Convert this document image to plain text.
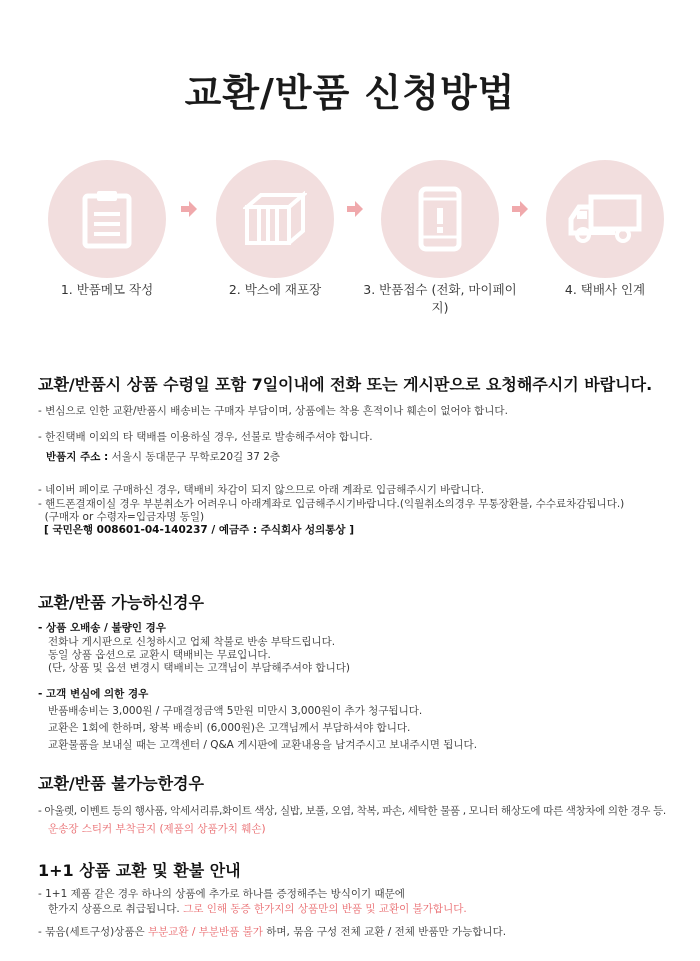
교환/반품 신청방법
1. 반품메모 작성	2. 박스에 재포장	3. 반품접수 (전화, 마이페이지)
4. 택배사 인계
교환/반품시 상품 수령일 포함 7일이내에 전화 또는 게시판으로 요청해주시기 바랍니다.
- 변심으로 인한 교환/반품시 배송비는 구매자 부담이며, 상품에는 착용 흔적이나 훼손이 없어야 합니다.
- 한진택배 이외의 타 택배를 이용하실 경우, 선불로 발송해주셔야 합니다.
반품지 주소 : 서울시 동대문구 무학로20길 37 2층
- 네이버 페이로 구매하신 경우, 택배비 차감이 되지 않으므로 아래 계좌로 입금해주시기 바랍니다.
- 핸드폰결재이실 경우 부분취소가 어려우니 아래계좌로 입금해주시기바랍니다.(익월취소의경우 무통장환불, 수수료차감됩니다.)
(구매자 or 수령자=입금자명 동일)
[ 국민은행 008601-04-140237 / 예금주 : 주식회사 성의통상 ]
교환/반품 가능하신경우
- 상품 오배송 / 불량인 경우
전화나 게시판으로 신청하시고 업체 착불로 반송 부탁드립니다.
동일 상품 옵션으로 교환시 택배비는 무료입니다.
(단, 상품 및 옵션 변경시 택배비는 고객님이 부담해주셔야 합니다)
- 고객 변심에 의한 경우
반품배송비는 3,000원 / 구매결정금액 5만원 미만시 3,000원이 추가 청구됩니다.
교환은 1회에 한하며, 왕복 배송비 (6,000원)은 고객님께서 부담하셔야 합니다.
교환물품을 보내실 때는 고객센터 / Q&A 게시판에 교환내용을 남겨주시고 보내주시면 됩니다.
교환/반품 불가능한경우
- 아울렛, 이벤트 등의 행사품, 악세서리류,화이트 색상, 실밥, 보풀, 오염, 착복, 파손, 세탁한 물품 , 모니터 해상도에 따른 색창차에 의한 경우 등.
운송장 스티커 부착금지 (제품의 상품가치 훼손)
1+1 상품 교환 및 환불 안내
- 1+1 제품 같은 경우 하나의 상품에 추가로 하나를 증정해주는 방식이기 때문에
한가지 상품으로 취급됩니다. 그로 인해 동증 한가지의 상품만의 반품 및 교환이 불가합니다.
- 묶음(세트구성)상품은 부분교환 / 부분반품 불가 하며, 묶음 구성 전체 교환 / 전체 반품만 가능합니다.
